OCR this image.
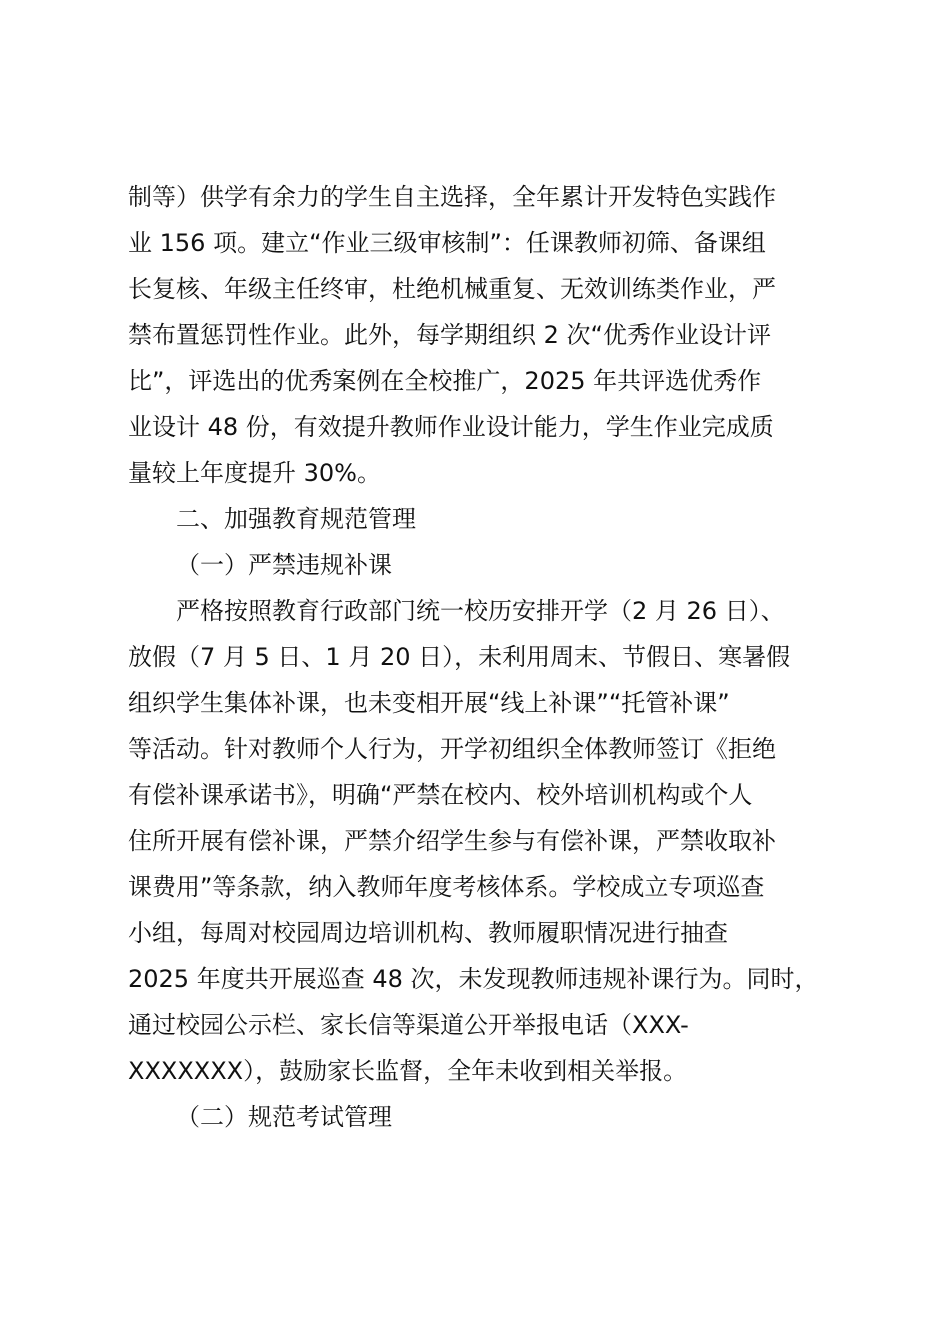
制等）供学有余力的学生自主选择，全年累计开发特色实践作
业 156 项。建立“作业三级审核制”：任课教师初筛、备课组
长复核、年级主任终审，杜绝机械重复、无效训练类作业，严
禁布置惩罚性作业。此外，每学期组织 2 次“优秀作业设计评
比”，评选出的优秀案例在全校推广，2025 年共评选优秀作
业设计 48 份，有效提升教师作业设计能力，学生作业完成质
量较上年度提升 30%。
二、加强教育规范管理
（一）严禁违规补课
严格按照教育行政部门统一校历安排开学（2 月 26 日）、
放假（7 月 5 日、1 月 20 日），未利用周末、节假日、寒暑假
组织学生集体补课，也未变相开展“线上补课”“托管补课”
等活动。针对教师个人行为，开学初组织全体教师签订《拒绝
有偿补课承诺书》，明确“严禁在校内、校外培训机构或个人
住所开展有偿补课，严禁介绍学生参与有偿补课，严禁收取补
课费用”等条款，纳入教师年度考核体系。学校成立专项巡查
小组，每周对校园周边培训机构、教师履职情况进行抽查
2025 年度共开展巡查 48 次，未发现教师违规补课行为。同时，
通过校园公示栏、家长信等渠道公开举报电话（XXX-
XXXXXXX），鼓励家长监督，全年未收到相关举报。
（二）规范考试管理
